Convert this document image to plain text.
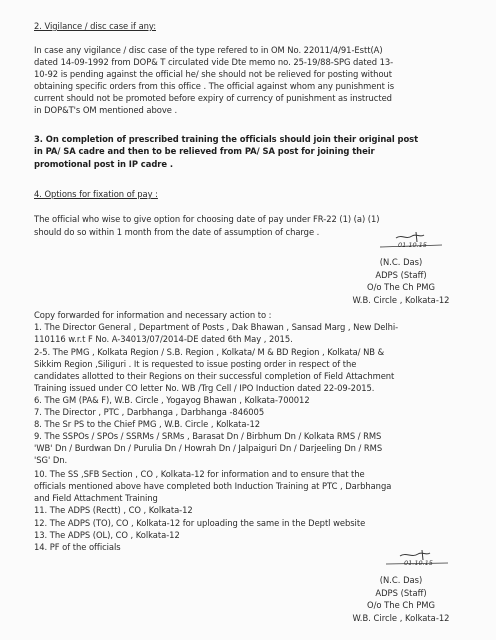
2. Vigilance / disc case if any:
In case any vigilance / disc case of the type refered to in OM No. 22011/4/91-Estt(A)
dated 14-09-1992 from DOP& T circulated vide Dte memo no. 25-19/88-SPG dated 13-
10-92 is pending against the official he/ she should not be relieved for posting without
obtaining specific orders from this office . The official against whom any punishment is
current should not be promoted before expiry of currency of punishment as instructed
in DOP&T's OM mentioned above .
3. On completion of prescribed training the officials should join their original post
in PA/ SA cadre and then to be relieved from PA/ SA post for joining their
promotional post in IP cadre .
4. Options for fixation of pay :
The official who wise to give option for choosing date of pay under FR-22 (1) (a) (1)
should do so within 1 month from the date of assumption of charge .
01.10.15
(N.C. Das)
ADPS (Staff)
O/o The Ch PMG
W.B. Circle , Kolkata-12
Copy forwarded for information and necessary action to :
1. The Director General , Department of Posts , Dak Bhawan , Sansad Marg , New Delhi-
110116 w.r.t F No. A-34013/07/2014-DE dated 6th May , 2015.
2-5. The PMG , Kolkata Region / S.B. Region , Kolkata/ M & BD Region , Kolkata/ NB &
Sikkim Region ,Siliguri . It is requested to issue posting order in respect of the
candidates allotted to their Regions on their successful completion of Field Attachment
Training issued under CO letter No. WB /Trg Cell / IPO Induction dated 22-09-2015.
6. The GM (PA& F), W.B. Circle , Yogayog Bhawan , Kolkata-700012
7. The Director , PTC , Darbhanga , Darbhanga -846005
8. The Sr PS to the Chief PMG , W.B. Circle , Kolkata-12
9. The SSPOs / SPOs / SSRMs / SRMs , Barasat Dn / Birbhum Dn / Kolkata RMS / RMS
'WB' Dn / Burdwan Dn / Purulia Dn / Howrah Dn / Jalpaiguri Dn / Darjeeling Dn / RMS
'SG' Dn.
10. The SS ,SFB Section , CO , Kolkata-12 for information and to ensure that the
officials mentioned above have completed both Induction Training at PTC , Darbhanga
and Field Attachment Training
11. The ADPS (Rectt) , CO , Kolkata-12
12. The ADPS (TO), CO , Kolkata-12 for uploading the same in the Deptl website
13. The ADPS (OL), CO , Kolkata-12
14. PF of the officials
01.10.15
(N.C. Das)
ADPS (Staff)
O/o The Ch PMG
W.B. Circle , Kolkata-12
